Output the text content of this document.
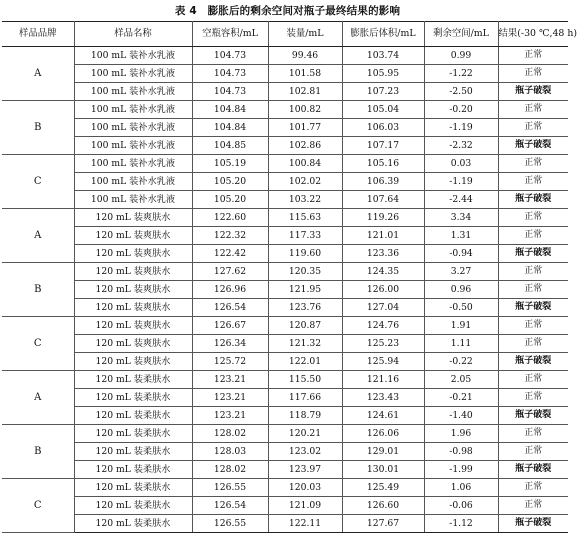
表 4　膨胀后的剩余空间对瓶子最终结果的影响
样品品牌	样品名称	空瓶容积/mL	装量/mL	膨胀后体积/mL	剩余空间/mL	结果(-30 ℃,48 h)
A	100 mL 装补水乳液	104.73	99.46	103.74	0.99	正常
	100 mL 装补水乳液	104.73	101.58	105.95	-1.22	正常
	100 mL 装补水乳液	104.73	102.81	107.23	-2.50	瓶子破裂
B	100 mL 装补水乳液	104.84	100.82	105.04	-0.20	正常
	100 mL 装补水乳液	104.84	101.77	106.03	-1.19	正常
	100 mL 装补水乳液	104.85	102.86	107.17	-2.32	瓶子破裂
C	100 mL 装补水乳液	105.19	100.84	105.16	0.03	正常
	100 mL 装补水乳液	105.20	102.02	106.39	-1.19	正常
	100 mL 装补水乳液	105.20	103.22	107.64	-2.44	瓶子破裂
A	120 mL 装爽肤水	122.60	115.63	119.26	3.34	正常
	120 mL 装爽肤水	122.32	117.33	121.01	1.31	正常
	120 mL 装爽肤水	122.42	119.60	123.36	-0.94	瓶子破裂
B	120 mL 装爽肤水	127.62	120.35	124.35	3.27	正常
	120 mL 装爽肤水	126.96	121.95	126.00	0.96	正常
	120 mL 装爽肤水	126.54	123.76	127.04	-0.50	瓶子破裂
C	120 mL 装爽肤水	126.67	120.87	124.76	1.91	正常
	120 mL 装爽肤水	126.34	121.32	125.23	1.11	正常
	120 mL 装爽肤水	125.72	122.01	125.94	-0.22	瓶子破裂
A	120 mL 装柔肤水	123.21	115.50	121.16	2.05	正常
	120 mL 装柔肤水	123.21	117.66	123.43	-0.21	正常
	120 mL 装柔肤水	123.21	118.79	124.61	-1.40	瓶子破裂
B	120 mL 装柔肤水	128.02	120.21	126.06	1.96	正常
	120 mL 装柔肤水	128.03	123.02	129.01	-0.98	正常
	120 mL 装柔肤水	128.02	123.97	130.01	-1.99	瓶子破裂
C	120 mL 装柔肤水	126.55	120.03	125.49	1.06	正常
	120 mL 装柔肤水	126.54	121.09	126.60	-0.06	正常
	120 mL 装柔肤水	126.55	122.11	127.67	-1.12	瓶子破裂
